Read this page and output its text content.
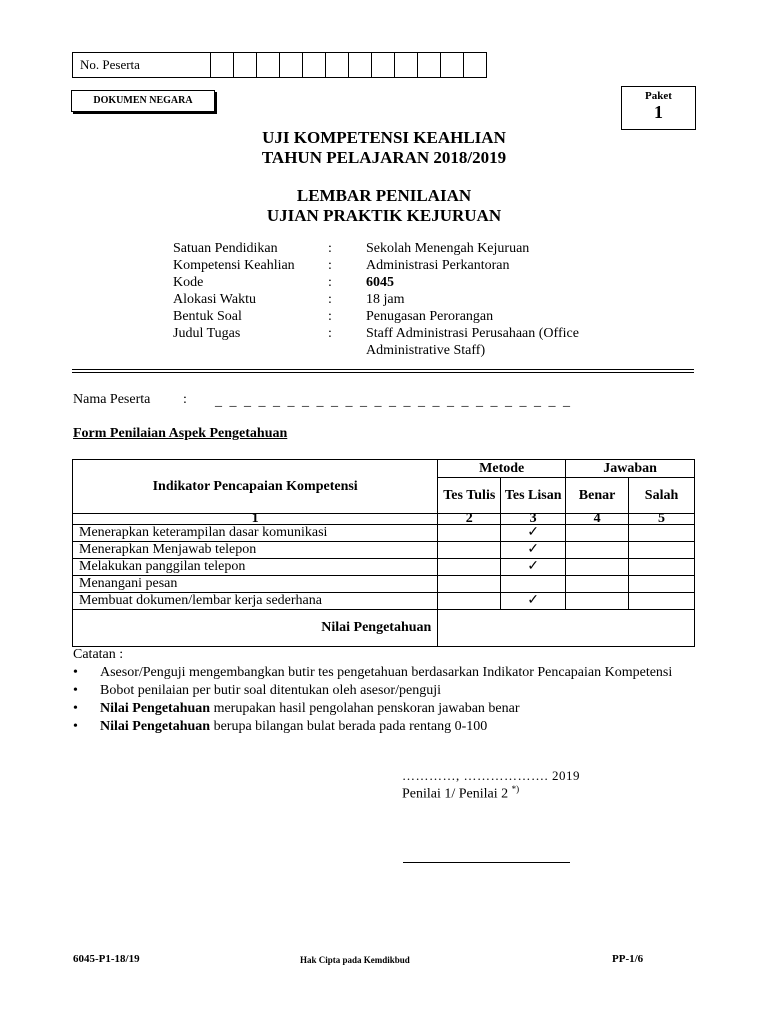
No. Peserta
DOKUMEN NEGARA	Paket
1
UJI KOMPETENSI KEAHLIAN
TAHUN PELAJARAN 2018/2019
LEMBAR PENILAIAN
UJIAN PRAKTIK KEJURUAN
Satuan Pendidikan	:	Sekolah Menengah Kejuruan
Kompetensi Keahlian	:	Administrasi Perkantoran
Kode	:	6045
Alokasi Waktu	:	18 jam
Bentuk Soal	:	Penugasan Perorangan
Judul Tugas	:	Staff Administrasi Perusahaan (Office Administrative Staff)
Nama Peserta : _ _ _ _ _ _ _ _ _ _ _ _ _ _ _ _ _ _ _ _ _ _ _ _ _
Form Penilaian Aspek Pengetahuan
Indikator Pencapaian Kompetensi	Metode		Jawaban	
	Tes Tulis	Tes Lisan	Benar	Salah
1	2	3	4	5
Menerapkan keterampilan dasar komunikasi		✓		
Menerapkan Menjawab telepon		✓		
Melakukan panggilan telepon		✓		
Menangani pesan				
Membuat dokumen/lembar kerja sederhana		✓		
Nilai Pengetahuan				
Catatan :
•	Asesor/Penguji mengembangkan butir tes pengetahuan berdasarkan Indikator Pencapaian Kompetensi
•	Bobot penilaian per butir soal ditentukan oleh asesor/penguji
•	Nilai Pengetahuan merupakan hasil pengolahan penskoran jawaban benar
•	Nilai Pengetahuan berupa bilangan bulat berada pada rentang 0-100
…………, ………………. 2019
Penilai 1/ Penilai 2 *)
6045-P1-18/19	Hak Cipta pada Kemdikbud	PP-1/6
